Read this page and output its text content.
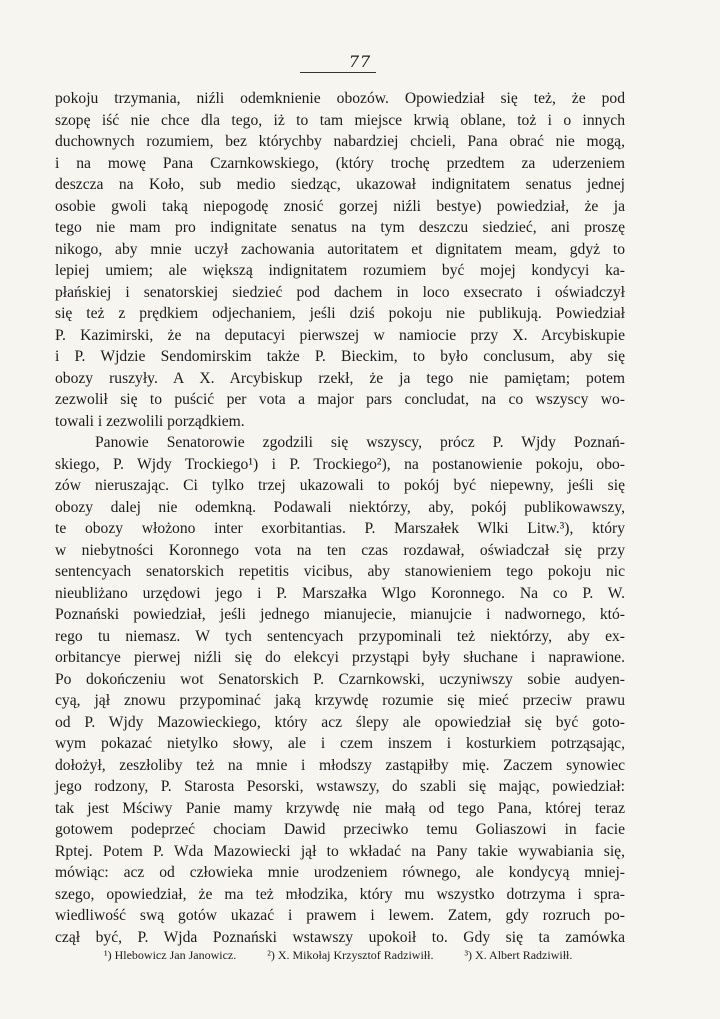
77
pokoju trzymania, niźli odemknienie obozów. Opowiedział się też, że pod
szopę iść nie chce dla tego, iż to tam miejsce krwią oblane, toż i o innych
duchownych rozumiem, bez którychby nabardziej chcieli, Pana obrać nie mogą,
i na mowę Pana Czarnkowskiego, (który trochę przedtem za uderzeniem
deszcza na Koło, sub medio siedząc, ukazował indignitatem senatus jednej
osobie gwoli taką niepogodę znosić gorzej niźli bestye) powiedział, że ja
tego nie mam pro indignitate senatus na tym deszczu siedzieć, ani proszę
nikogo, aby mnie uczył zachowania autoritatem et dignitatem meam, gdyż to
lepiej umiem; ale większą indignitatem rozumiem być mojej kondycyi ka-
płańskiej i senatorskiej siedzieć pod dachem in loco exsecrato i oświadczył
się też z prędkiem odjechaniem, jeśli dziś pokoju nie publikują. Powiedział
P. Kazimirski, że na deputacyi pierwszej w namiocie przy X. Arcybiskupie
i P. Wjdzie Sendomirskim także P. Bieckim, to było conclusum, aby się
obozy ruszyły. A X. Arcybiskup rzekł, że ja tego nie pamiętam; potem
zezwolił się to puścić per vota a major pars concludat, na co wszyscy wo-
towali i zezwolili porządkiem.
Panowie Senatorowie zgodzili się wszyscy, prócz P. Wjdy Poznań-
skiego, P. Wjdy Trockiego¹) i P. Trockiego²), na postanowienie pokoju, obo-
zów nieruszając. Ci tylko trzej ukazowali to pokój być niepewny, jeśli się
obozy dalej nie odemkną. Podawali niektórzy, aby, pokój publikowawszy,
te obozy włożono inter exorbitantias. P. Marszałek Wlki Litw.³), który
w niebytności Koronnego vota na ten czas rozdawał, oświadczał się przy
sentencyach senatorskich repetitis vicibus, aby stanowieniem tego pokoju nic
nieubliżano urzędowi jego i P. Marszałka Wlgo Koronnego. Na co P. W.
Poznański powiedział, jeśli jednego mianujecie, mianujcie i nadwornego, któ-
rego tu niemasz. W tych sentencyach przypominali też niektórzy, aby ex-
orbitancye pierwej niźli się do elekcyi przystąpi były słuchane i naprawione.
Po dokończeniu wot Senatorskich P. Czarnkowski, uczyniwszy sobie audyen-
cyą, jął znowu przypominać jaką krzywdę rozumie się mieć przeciw prawu
od P. Wjdy Mazowieckiego, który acz ślepy ale opowiedział się być goto-
wym pokazać nietylko słowy, ale i czem inszem i kosturkiem potrząsając,
dołożył, zeszłoliby też na mnie i młodszy zastąpiłby mię. Zaczem synowiec
jego rodzony, P. Starosta Pesorski, wstawszy, do szabli się mając, powiedział:
tak jest Mściwy Panie mamy krzywdę nie małą od tego Pana, której teraz
gotowem podeprzeć chociam Dawid przeciwko temu Goliaszowi in facie
Rptej. Potem P. Wda Mazowiecki jął to wkładać na Pany takie wywabiania się,
mówiąc: acz od człowieka mnie urodzeniem równego, ale kondycyą mniej-
szego, opowiedział, że ma też młodzika, który mu wszystko dotrzyma i spra-
wiedliwość swą gotów ukazać i prawem i lewem. Zatem, gdy rozruch po-
czął być, P. Wjda Poznański wstawszy upokoił to. Gdy się ta zamówka
¹) Hlebowicz Jan Janowicz.	²) X. Mikołaj Krzysztof Radziwiłł.	³) X. Albert Radziwiłł.
